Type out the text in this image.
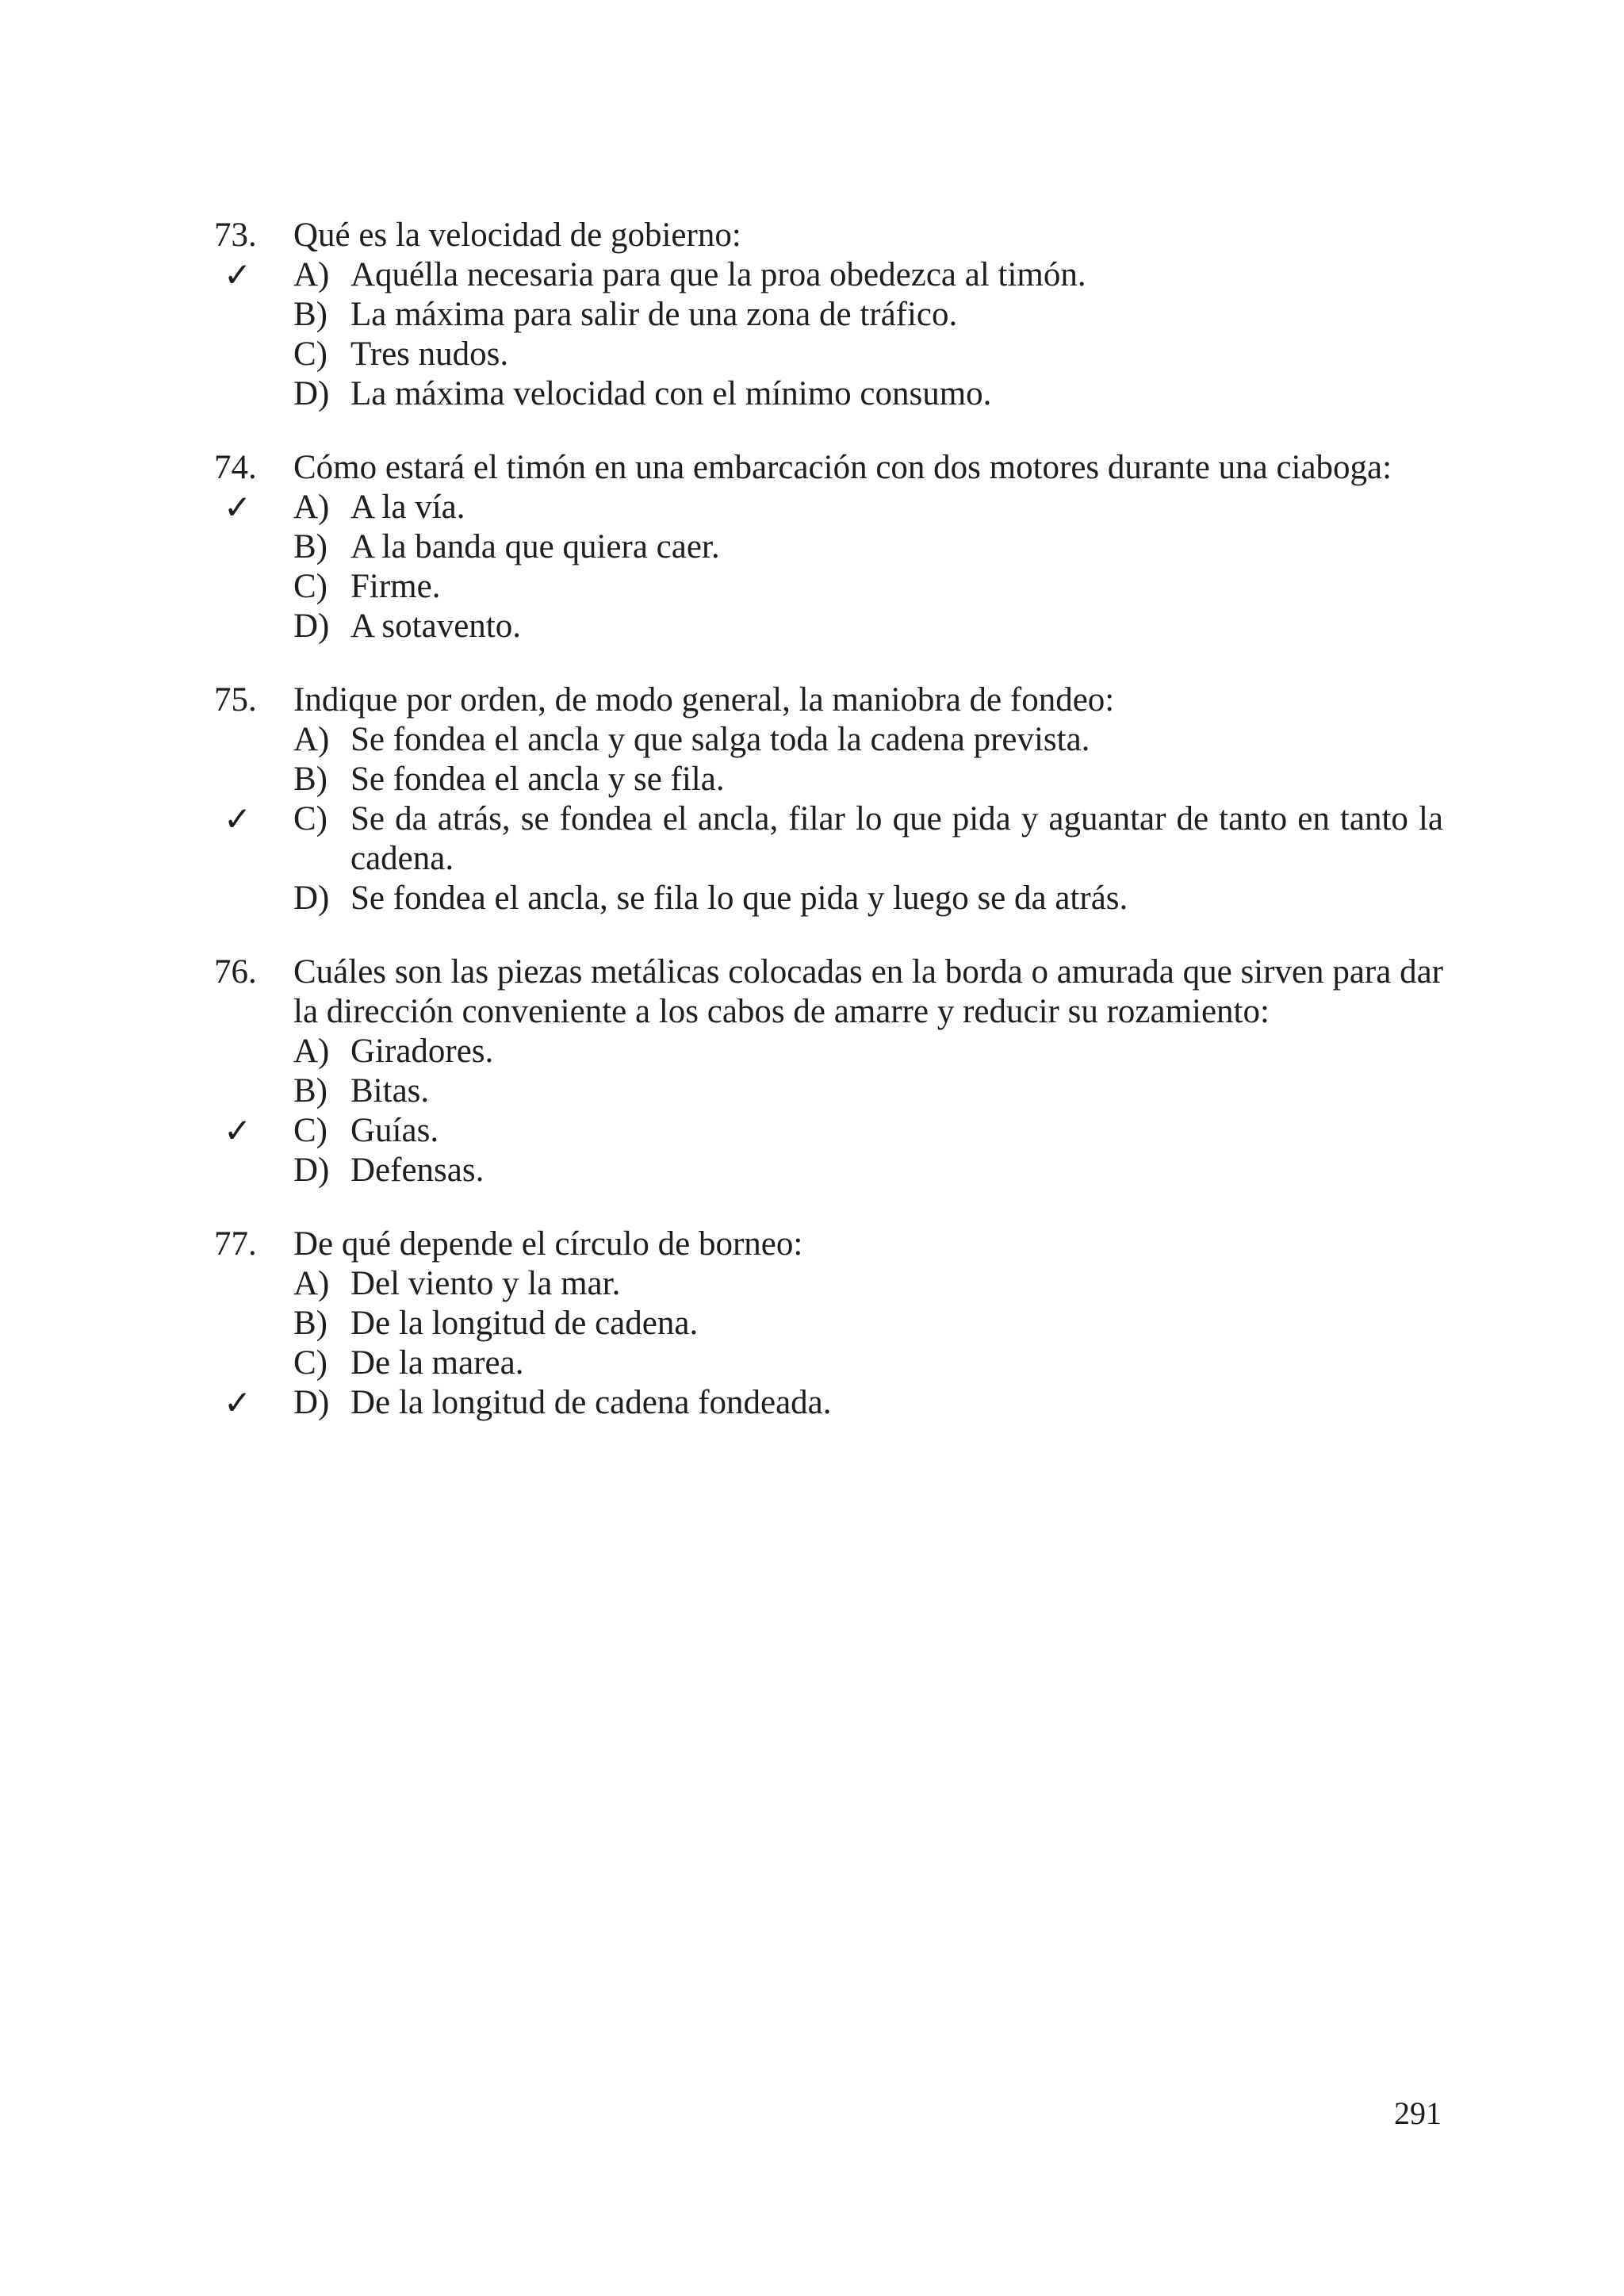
73.	Qué es la velocidad de gobierno:
✓	A) Aquélla necesaria para que la proa obedezca al timón.
B) La máxima para salir de una zona de tráfico.
C) Tres nudos.
D) La máxima velocidad con el mínimo consumo.
74.	Cómo estará el timón en una embarcación con dos motores durante una ciaboga:
✓	A) A la vía.
B) A la banda que quiera caer.
C) Firme.
D) A sotavento.
75.	Indique por orden, de modo general, la maniobra de fondeo:
A) Se fondea el ancla y que salga toda la cadena prevista.
B) Se fondea el ancla y se fila.
✓	C) Se da atrás, se fondea el ancla, filar lo que pida y aguantar de tanto en tanto la cadena.
D) Se fondea el ancla, se fila lo que pida y luego se da atrás.
76.	Cuáles son las piezas metálicas colocadas en la borda o amurada que sirven para dar la dirección conveniente a los cabos de amarre y reducir su rozamiento:
A) Giradores.
B) Bitas.
✓	C) Guías.
D) Defensas.
77.	De qué depende el círculo de borneo:
A) Del viento y la mar.
B) De la longitud de cadena.
C) De la marea.
✓	D) De la longitud de cadena fondeada.
291
